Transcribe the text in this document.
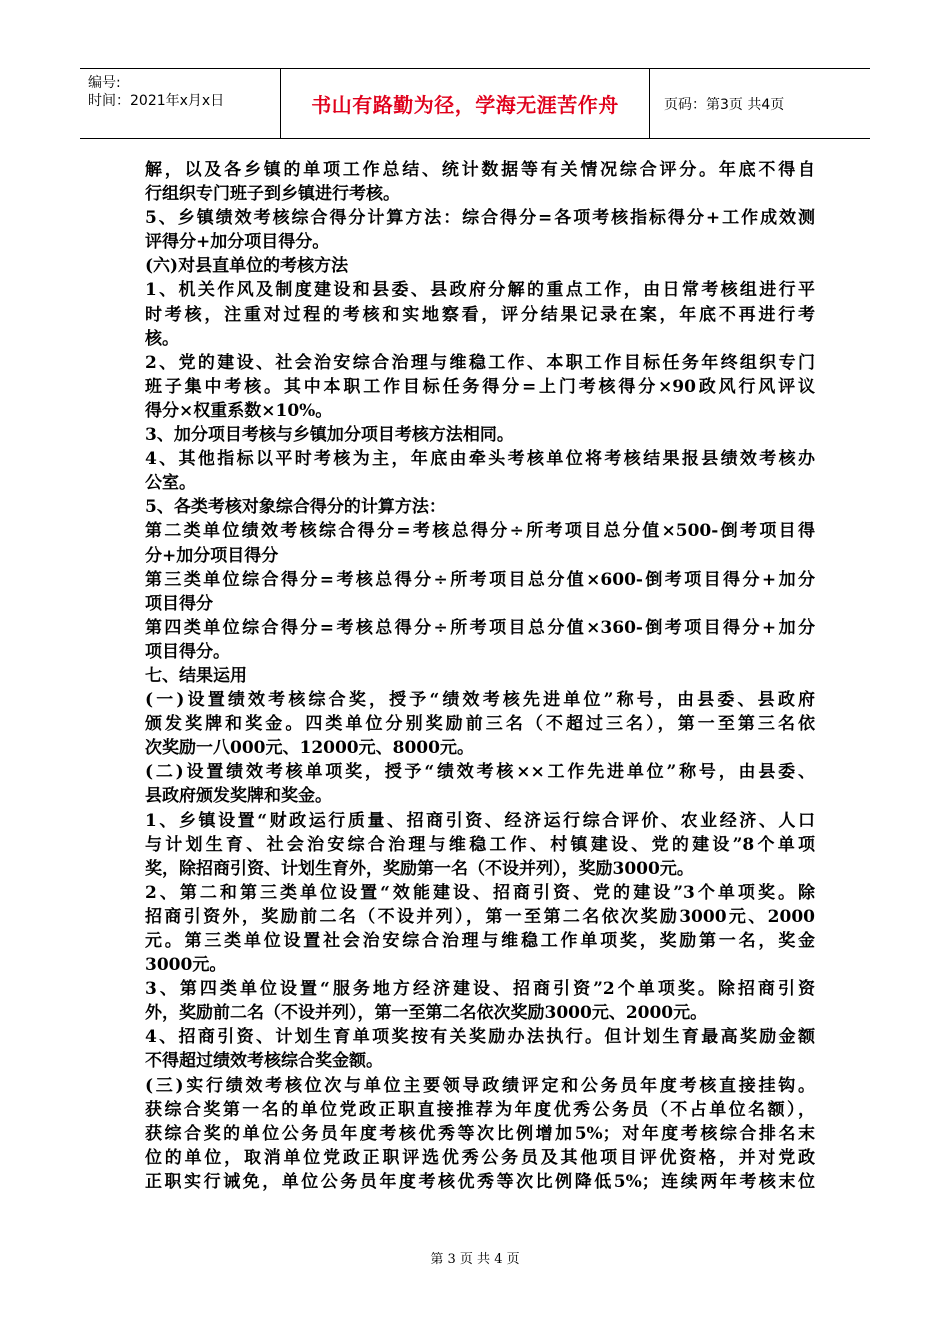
编号:
时间：2021年x月x日	书山有路勤为径，学海无涯苦作舟	页码：第3页 共4页
解，以及各乡镇的单项工作总结、统计数据等有关情况综合评分。年底不得自
行组织专门班子到乡镇进行考核。
5、乡镇绩效考核综合得分计算方法：综合得分=各项考核指标得分+工作成效测
评得分+加分项目得分。
(六)对县直单位的考核方法
1、机关作风及制度建设和县委、县政府分解的重点工作，由日常考核组进行平
时考核，注重对过程的考核和实地察看，评分结果记录在案，年底不再进行考
核。
2、党的建设、社会治安综合治理与维稳工作、本职工作目标任务年终组织专门
班子集中考核。其中本职工作目标任务得分=上门考核得分×90政风行风评议
得分×权重系数×10%。
3、加分项目考核与乡镇加分项目考核方法相同。
4、其他指标以平时考核为主，年底由牵头考核单位将考核结果报县绩效考核办
公室。
5、各类考核对象综合得分的计算方法：
第二类单位绩效考核综合得分=考核总得分÷所考项目总分值×500-倒考项目得
分+加分项目得分
第三类单位综合得分=考核总得分÷所考项目总分值×600-倒考项目得分+加分
项目得分
第四类单位综合得分=考核总得分÷所考项目总分值×360-倒考项目得分+加分
项目得分。
七、结果运用
(一)设置绩效考核综合奖，授予“绩效考核先进单位”称号，由县委、县政府
颁发奖牌和奖金。四类单位分别奖励前三名（不超过三名），第一至第三名依
次奖励一八000元、12000元、8000元。
(二)设置绩效考核单项奖，授予“绩效考核××工作先进单位”称号，由县委、
县政府颁发奖牌和奖金。
1、乡镇设置“财政运行质量、招商引资、经济运行综合评价、农业经济、人口
与计划生育、社会治安综合治理与维稳工作、村镇建设、党的建设”8个单项
奖，除招商引资、计划生育外，奖励第一名（不设并列），奖励3000元。
2、第二和第三类单位设置“效能建设、招商引资、党的建设”3个单项奖。除
招商引资外，奖励前二名（不设并列），第一至第二名依次奖励3000元、2000
元。第三类单位设置社会治安综合治理与维稳工作单项奖，奖励第一名，奖金
3000元。
3、第四类单位设置“服务地方经济建设、招商引资”2个单项奖。除招商引资
外，奖励前二名（不设并列），第一至第二名依次奖励3000元、2000元。
4、招商引资、计划生育单项奖按有关奖励办法执行。但计划生育最高奖励金额
不得超过绩效考核综合奖金额。
(三)实行绩效考核位次与单位主要领导政绩评定和公务员年度考核直接挂钩。
获综合奖第一名的单位党政正职直接推荐为年度优秀公务员（不占单位名额），
获综合奖的单位公务员年度考核优秀等次比例增加5%；对年度考核综合排名末
位的单位，取消单位党政正职评选优秀公务员及其他项目评优资格，并对党政
正职实行诫免，单位公务员年度考核优秀等次比例降低5%；连续两年考核末位
第 3 页 共 4 页
